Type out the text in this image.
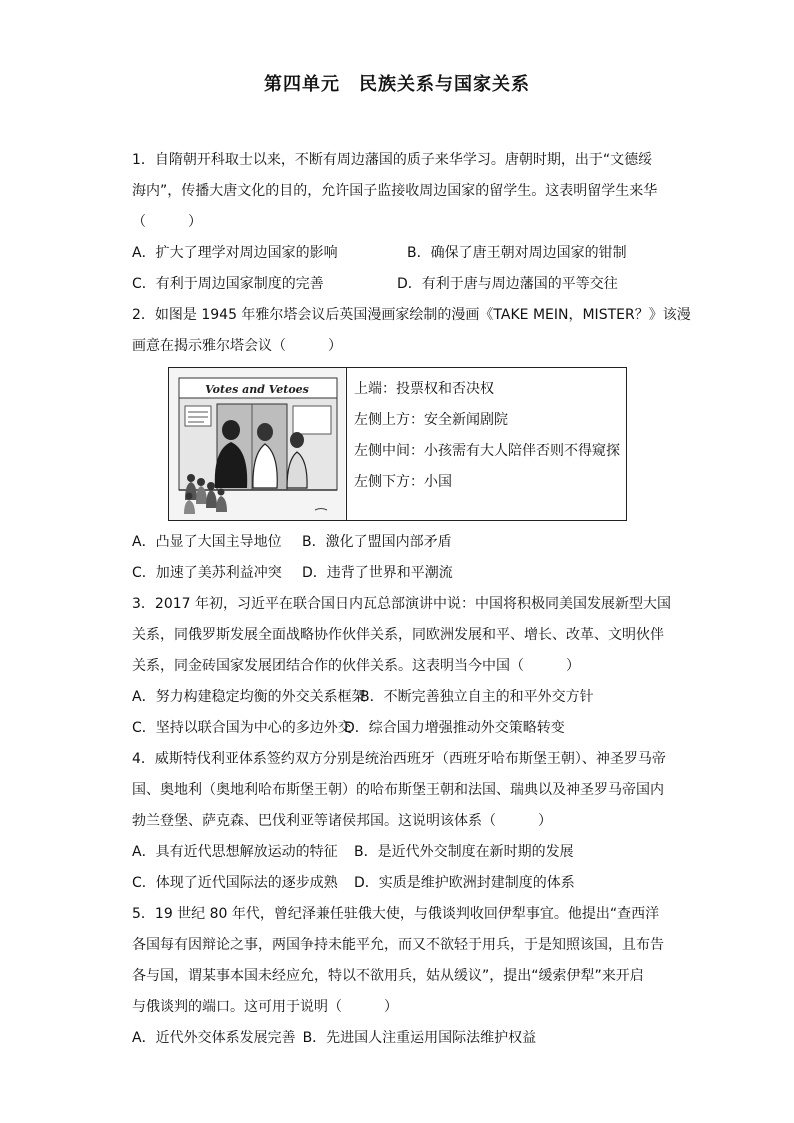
第四单元　民族关系与国家关系
1．自隋朝开科取士以来，不断有周边藩国的质子来华学习。唐朝时期，出于“文德绥
海内”，传播大唐文化的目的，允许国子监接收周边国家的留学生。这表明留学生来华
（　　　）
A．扩大了理学对周边国家的影响	B．确保了唐王朝对周边国家的钳制
C．有利于周边国家制度的完善	D．有利于唐与周边藩国的平等交往
2．如图是 1945 年雅尔塔会议后英国漫画家绘制的漫画《TAKE MEIN，MISTER？》该漫
画意在揭示雅尔塔会议（　　　）
Votes and Vetoes	上端：投票权和否决权
左侧上方：安全新闻剧院
左侧中间：小孩需有大人陪伴否则不得窥探
左侧下方：小国
A．凸显了大国主导地位	B．激化了盟国内部矛盾
C．加速了美苏利益冲突	D．违背了世界和平潮流
3．2017 年初，习近平在联合国日内瓦总部演讲中说：中国将积极同美国发展新型大国
关系，同俄罗斯发展全面战略协作伙伴关系，同欧洲发展和平、增长、改革、文明伙伴
关系，同金砖国家发展团结合作的伙伴关系。这表明当今中国（　　　）
A．努力构建稳定均衡的外交关系框架
B．不断完善独立自主的和平外交方针
C．坚持以联合国为中心的多边外交
D．综合国力增强推动外交策略转变
4．威斯特伐利亚体系签约双方分别是统治西班牙（西班牙哈布斯堡王朝）、神圣罗马帝
国、奥地利（奥地利哈布斯堡王朝）的哈布斯堡王朝和法国、瑞典以及神圣罗马帝国内
勃兰登堡、萨克森、巴伐利亚等诸侯邦国。这说明该体系（　　　）
A．具有近代思想解放运动的特征	B．是近代外交制度在新时期的发展
C．体现了近代国际法的逐步成熟	D．实质是维护欧洲封建制度的体系
5．19 世纪 80 年代，曾纪泽兼任驻俄大使，与俄谈判收回伊犁事宜。他提出“查西洋
各国每有因辩论之事，两国争持未能平允，而又不欲轻于用兵，于是知照该国，且布告
各与国，谓某事本国未经应允，特以不欲用兵，姑从缓议”，提出“缓索伊犁”来开启
与俄谈判的端口。这可用于说明（　　　）
A．近代外交体系发展完善 B．先进国人注重运用国际法维护权益
